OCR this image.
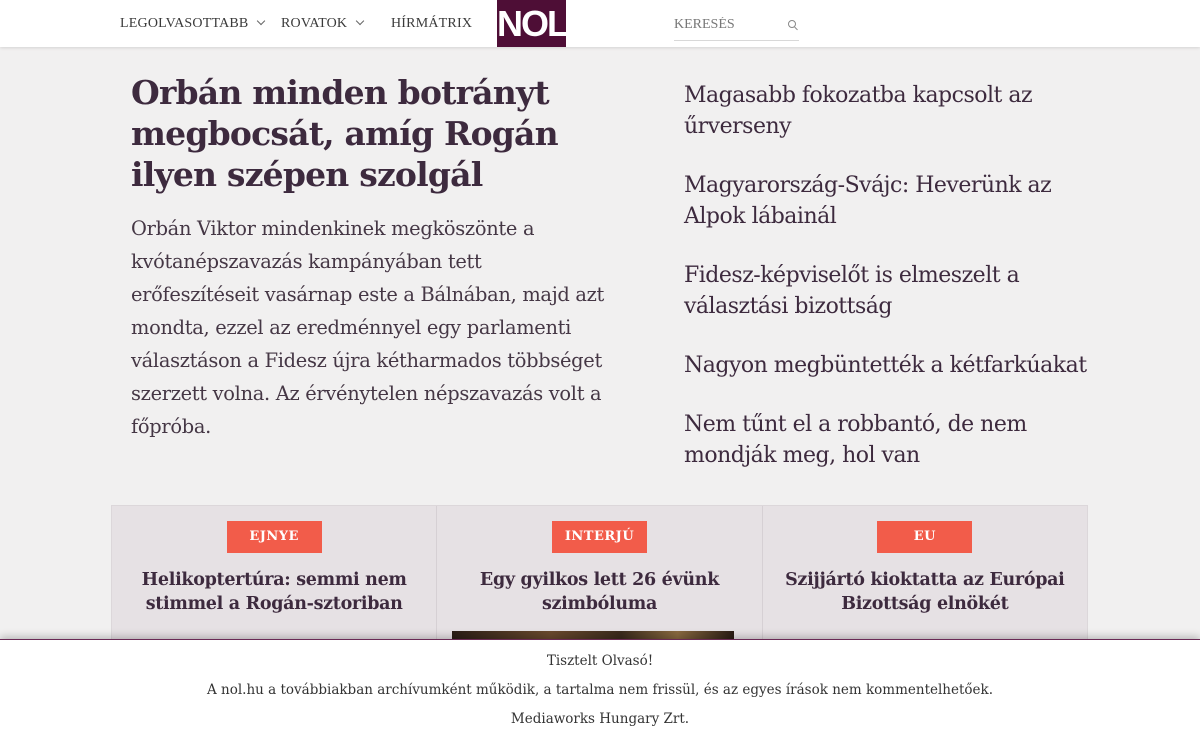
LEGOLVASOTTABB	ROVATOK	HÍRMÁTRIX NOL
KERESÉS
Orbán minden botrányt megbocsát, amíg Rogán ilyen szépen szolgál

Orbán Viktor mindenkinek megköszönte a kvótanépszavazás kampányában tett erőfeszítéseit vasárnap este a Bálnában, majd azt mondta, ezzel az eredménnyel egy parlamenti választáson a Fidesz újra kétharmados többséget szerzett volna. Az érvénytelen népszavazás volt a főpróba.

Magasabb fokozatba kapcsolt az űrverseny
Magyarország-Svájc: Heverünk az Alpok lábainál
Fidesz-képviselőt is elmeszelt a választási bizottság
Nagyon megbüntették a kétfarkúakat
Nem tűnt el a robbantó, de nem mondják meg, hol van
EJNYE
Helikoptertúra: semmi nem stimmel a Rogán-sztoriban
INTERJÚ
Egy gyilkos lett 26 évünk szimbóluma
EU
Szijjártó kioktatta az Európai Bizottság elnökét

Tisztelt Olvasó!

A nol.hu a továbbiakban archívumként működik, a tartalma nem frissül, és az egyes írások nem kommentelhetőek.

Mediaworks Hungary Zrt.
